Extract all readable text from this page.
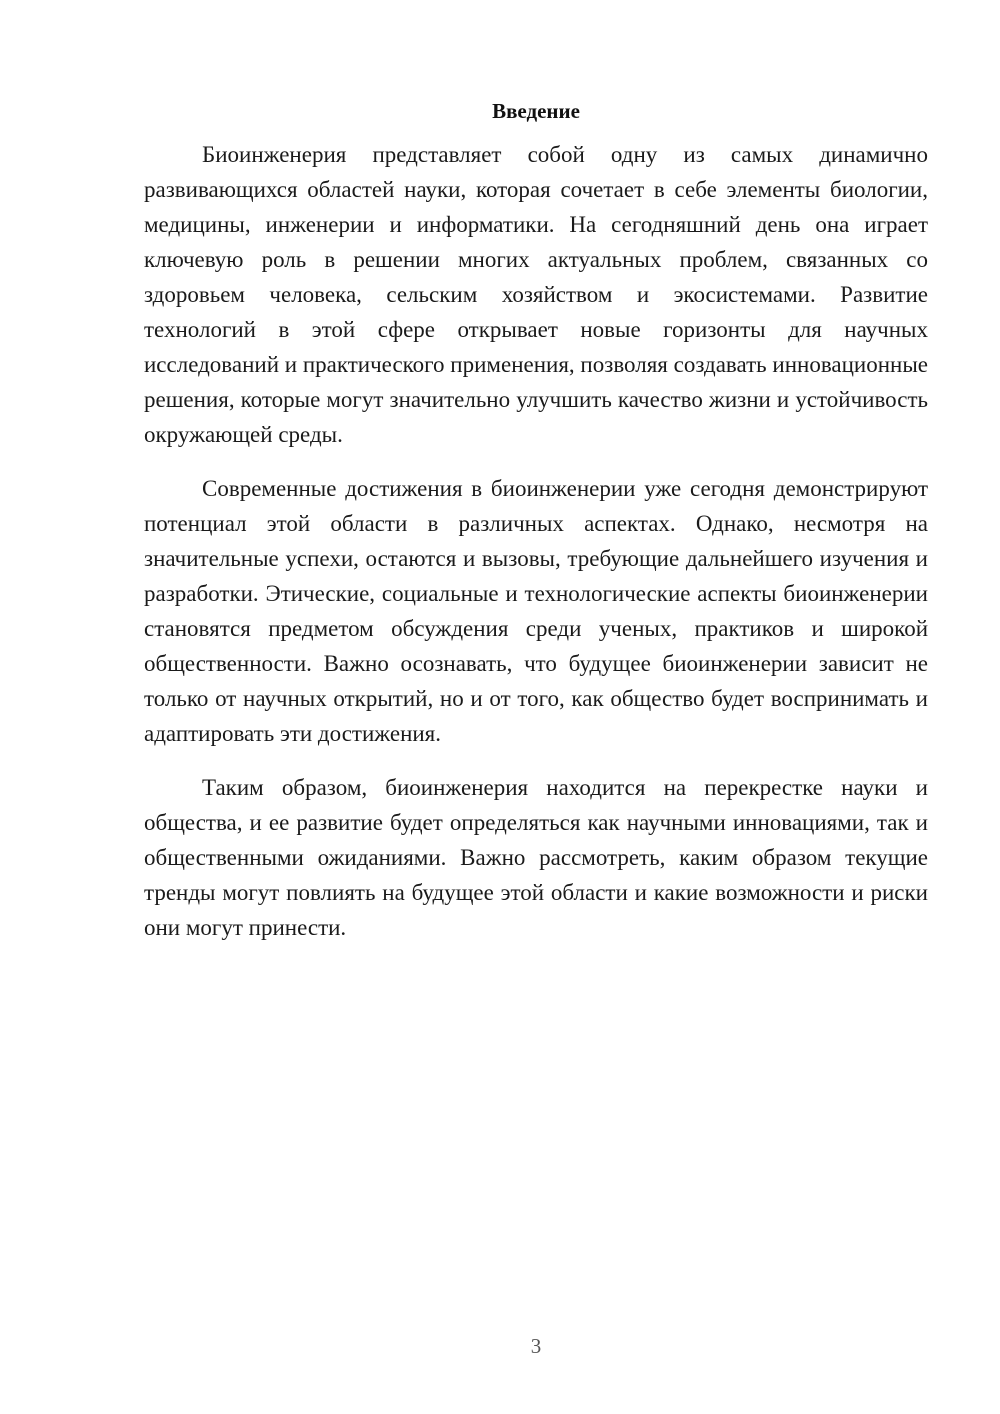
Введение

Биоинженерия представляет собой одну из самых динамично развивающихся областей науки, которая сочетает в себе элементы биологии, медицины, инженерии и информатики. На сегодняшний день она играет ключевую роль в решении многих актуальных проблем, связанных со здоровьем человека, сельским хозяйством и экосистемами. Развитие технологий в этой сфере открывает новые горизонты для научных исследований и практического применения, позволяя создавать инновационные решения, которые могут значительно улучшить качество жизни и устойчивость окружающей среды.

Современные достижения в биоинженерии уже сегодня демонстрируют потенциал этой области в различных аспектах. Однако, несмотря на значительные успехи, остаются и вызовы, требующие дальнейшего изучения и разработки. Этические, социальные и технологические аспекты биоинженерии становятся предметом обсуждения среди ученых, практиков и широкой общественности. Важно осознавать, что будущее биоинженерии зависит не только от научных открытий, но и от того, как общество будет воспринимать и адаптировать эти достижения.

Таким образом, биоинженерия находится на перекрестке науки и общества, и ее развитие будет определяться как научными инновациями, так и общественными ожиданиями. Важно рассмотреть, каким образом текущие тренды могут повлиять на будущее этой области и какие возможности и риски они могут принести.

3
